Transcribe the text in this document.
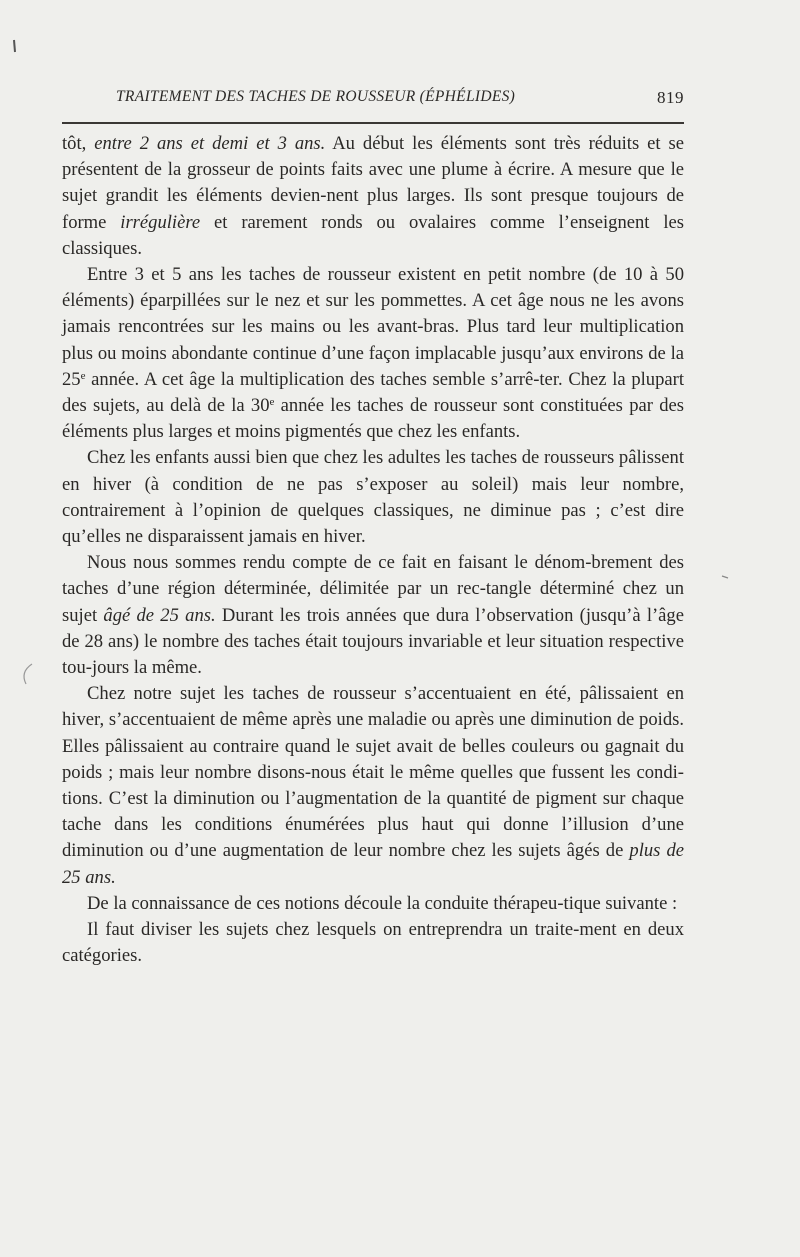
TRAITEMENT DES TACHES DE ROUSSEUR (ÉPHÉLIDES)	819

tôt, entre 2 ans et demi et 3 ans. Au début les éléments sont très réduits et se présentent de la grosseur de points faits avec une plume à écrire. A mesure que le sujet grandit les éléments devien-nent plus larges. Ils sont presque toujours de forme irrégulière et rarement ronds ou ovalaires comme l’enseignent les classiques.

Entre 3 et 5 ans les taches de rousseur existent en petit nombre (de 10 à 50 éléments) éparpillées sur le nez et sur les pommettes. A cet âge nous ne les avons jamais rencontrées sur les mains ou les avant-bras. Plus tard leur multiplication plus ou moins abondante continue d’une façon implacable jusqu’aux environs de la 25e année. A cet âge la multiplication des taches semble s’arrê-ter. Chez la plupart des sujets, au delà de la 30e année les taches de rousseur sont constituées par des éléments plus larges et moins pigmentés que chez les enfants.

Chez les enfants aussi bien que chez les adultes les taches de rousseurs pâlissent en hiver (à condition de ne pas s’exposer au soleil) mais leur nombre, contrairement à l’opinion de quelques classiques, ne diminue pas ; c’est dire qu’elles ne disparaissent jamais en hiver.

Nous nous sommes rendu compte de ce fait en faisant le dénom-brement des taches d’une région déterminée, délimitée par un rec-tangle déterminé chez un sujet âgé de 25 ans. Durant les trois années que dura l’observation (jusqu’à l’âge de 28 ans) le nombre des taches était toujours invariable et leur situation respective tou-jours la même.

Chez notre sujet les taches de rousseur s’accentuaient en été, pâlissaient en hiver, s’accentuaient de même après une maladie ou après une diminution de poids. Elles pâlissaient au contraire quand le sujet avait de belles couleurs ou gagnait du poids ; mais leur nombre disons-nous était le même quelles que fussent les condi-tions. C’est la diminution ou l’augmentation de la quantité de pigment sur chaque tache dans les conditions énumérées plus haut qui donne l’illusion d’une diminution ou d’une augmentation de leur nombre chez les sujets âgés de plus de 25 ans.

De la connaissance de ces notions découle la conduite thérapeu-tique suivante :

Il faut diviser les sujets chez lesquels on entreprendra un traite-ment en deux catégories.
